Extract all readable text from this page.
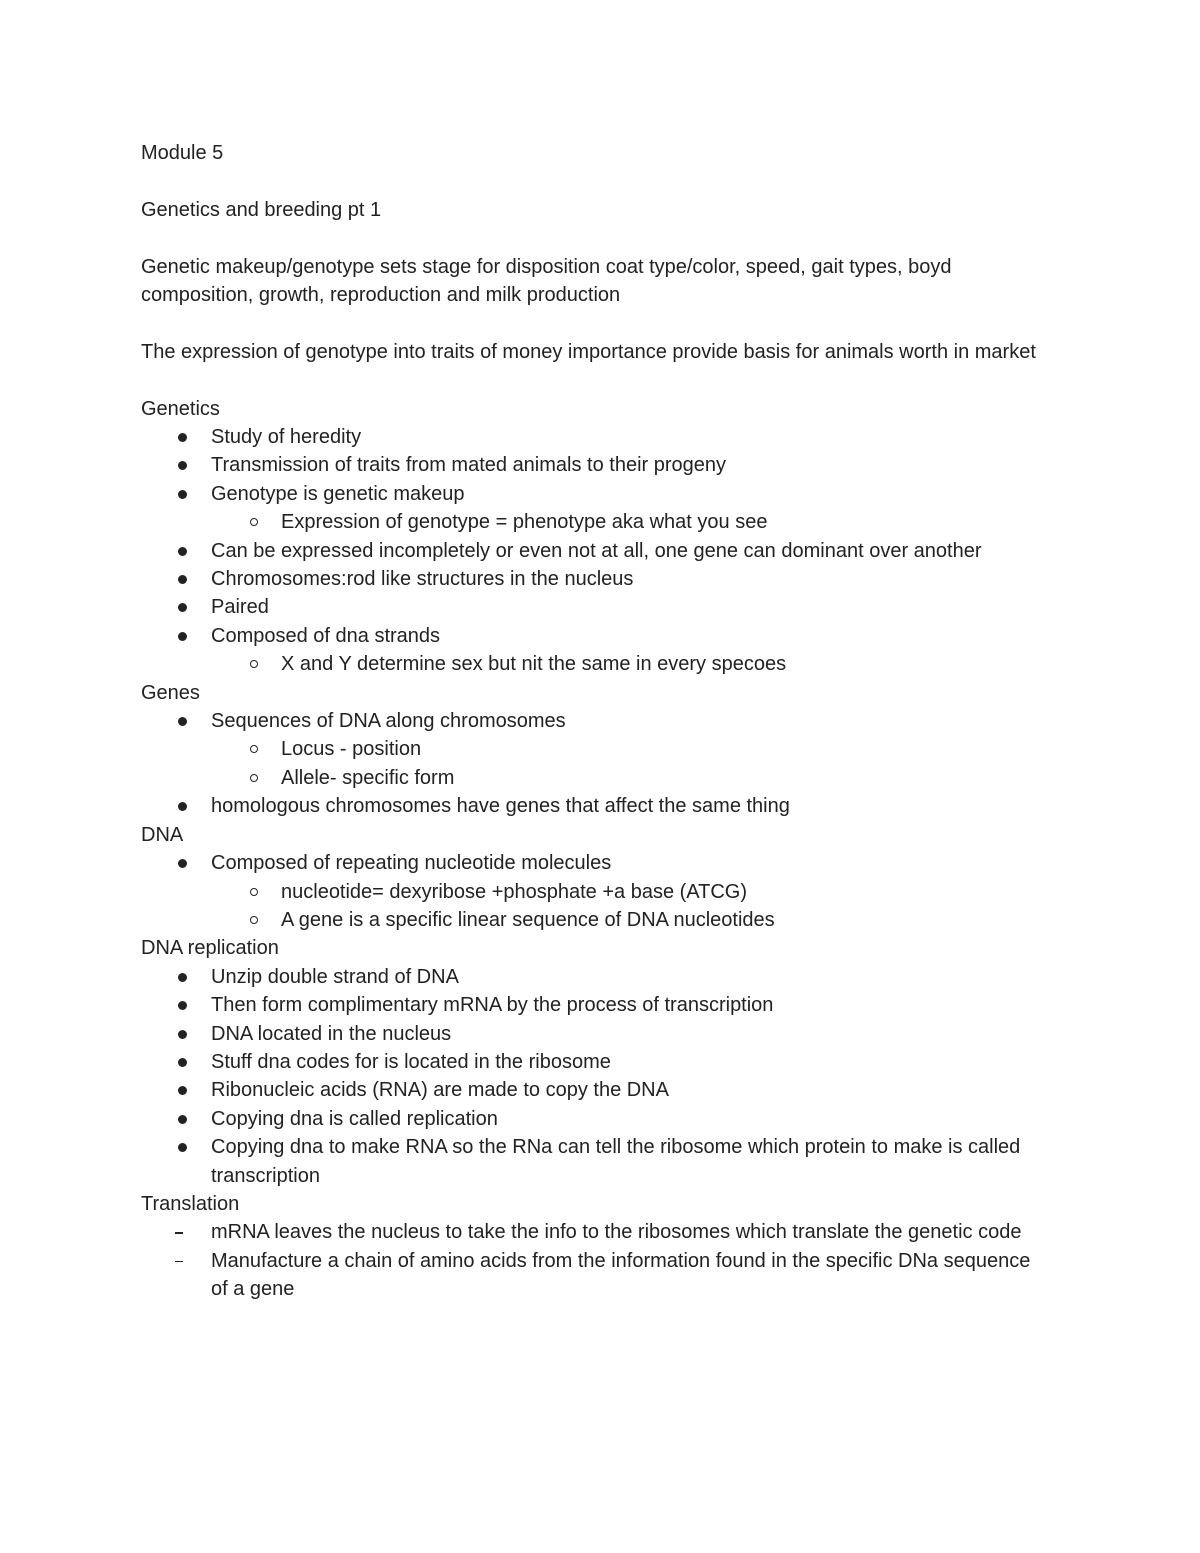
Module 5

Genetics and breeding pt 1

Genetic makeup/genotype sets stage for disposition coat type/color, speed, gait types, boyd composition, growth, reproduction and milk production

The expression of genotype into traits of money importance provide basis for animals worth in market

Genetics
Study of heredity
Transmission of traits from mated animals to their progeny
Genotype is genetic makeup
Expression of genotype = phenotype aka what you see
Can be expressed incompletely or even not at all, one gene can dominant over another
Chromosomes:rod like structures in the nucleus
Paired
Composed of dna strands
X and Y determine sex but nit the same in every specoes
Genes
Sequences of DNA along chromosomes
Locus - position
Allele- specific form
homologous chromosomes have genes that affect the same thing
DNA
Composed of repeating nucleotide molecules
nucleotide= dexyribose +phosphate +a base (ATCG)
A gene is a specific linear sequence of DNA nucleotides
DNA replication
Unzip double strand of DNA
Then form complimentary mRNA by the process of transcription
DNA located in the nucleus
Stuff dna codes for is located in the ribosome
Ribonucleic acids (RNA) are made to copy the DNA
Copying dna is called replication
Copying dna to make RNA so the RNa can tell the ribosome which protein to make is called transcription
Translation
mRNA leaves the nucleus to take the info to the ribosomes which translate the genetic code
Manufacture a chain of amino acids from the information found in the specific DNa sequence of a gene
